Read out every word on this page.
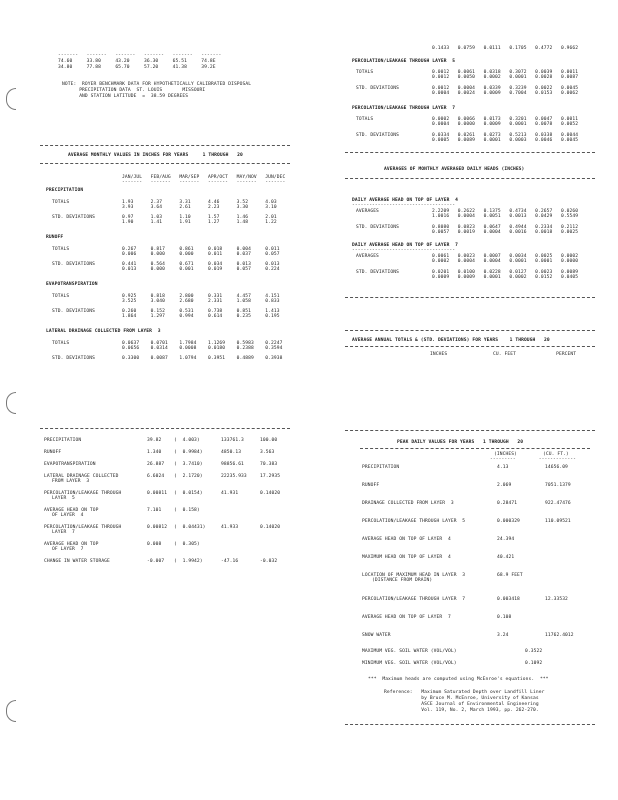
-------   -------   -------   -------   -------   -------
74.60     33.80     43.20     36.30     65.51     74.8E
34.80     77.88     65.70     57.20     41.38     39.2E
NOTE:  ROYER BENCHMARK DATA FOR HYPOTHETICALLY CALIBRATED DISPOSAL
PRECIPITATION DATA  ST. LOUIS       MISSOURI
AND STATION LATITUDE  =  38.59 DEGREES
AVERAGE MONTHLY VALUES IN INCHES FOR YEARS     1 THROUGH   20
JAN/JUL   FEB/AUG   MAR/SEP   APR/OCT   MAY/NOV   JUN/DEC
-------   -------   -------   -------   -------   -------
PRECIPITATION
TOTALS	1.93      2.37      3.31      4.46      3.52      4.03
3.93      3.64      2.61      2.23      3.30      3.10
STD. DEVIATIONS	0.97      1.03      1.10      1.57      1.46      2.01
1.90      1.41      1.91      1.27      1.48      1.22
RUNOFF
TOTALS	0.267     0.817     0.861     0.018     0.004     0.011
0.006     0.000     0.000     0.011     0.037     0.057
STD. DEVIATIONS	0.441     0.564     0.671     0.034     0.013     0.013
0.013     0.000     0.001     0.019     0.057     0.224
EVAPOTRANSPIRATION
TOTALS	0.925     0.818     2.800     0.331     4.457     4.151
3.525     3.040     2.680     2.331     1.058     0.833
STD. DEVIATIONS	0.260     0.152     0.531     0.738     0.851     1.413
1.864     1.297     0.994     0.614     0.235     0.195
LATERAL DRAINAGE COLLECTED FROM LAYER  3
TOTALS	0.0637    0.0701    1.7984    1.1269    0.5983    0.2247
0.0656    0.0314    0.0008    0.0180    0.2388    0.3594
STD. DEVIATIONS	0.3300    0.0087    1.0794    0.3951    0.4889    0.3938
PRECIPITATION	39.82	(  4.003)	133761.3	100.00
RUNOFF	1.340	(  0.9984)	4850.13	3.563
EVAPOTRANSPIRATION	26.887 (  3.7410)	98856.61	70.383
LATERAL DRAINAGE COLLECTED
FROM LAYER  3
6.6024 (  2.1720)	22235.933	17.2935
PERCOLATION/LEAKAGE THROUGH
LAYER  5
0.00811 (  0.0154)	41.931	0.14020
AVERAGE HEAD ON TOP
OF LAYER  4
7.101	(  0.158)
PERCOLATION/LEAKAGE THROUGH
LAYER  7
0.00812 (  0.04431)	41.933	0.14020
AVERAGE HEAD ON TOP
OF LAYER  7
0.008	(  0.305)
CHANGE IN WATER STORAGE	-0.007 (  1.9942)	-47.16	-0.032
0.1433   0.0759   0.0111   0.1705   0.4772   0.9662
PERCOLATION/LEAKAGE THROUGH LAYER  5
TOTALS	0.0012   0.0061   0.0318   0.3072   0.0039   0.0011
0.0012   0.0050   0.0002   0.0001   0.0028   0.0087
STD. DEVIATIONS	0.0012   0.0004   0.0339   0.3239   0.0022   0.0045
0.0004   0.0024   0.0009   0.7004   0.0153   0.0062
PERCOLATION/LEAKAGE THROUGH LAYER  7
TOTALS	0.0002   0.0066   0.0173   0.3201   0.0047   0.0011
0.0004   0.0000   0.0009   0.0001   0.0078   0.0052
STD. DEVIATIONS	0.0334   0.0261   0.0273   0.5213   0.0338   0.0044
0.0005   0.0089   0.0001   0.0003   0.0046   0.0045
AVERAGES OF MONTHLY AVERAGED DAILY HEADS (INCHES)
DAILY AVERAGE HEAD ON TOP OF LAYER  4
------------------------------------
AVERAGES	2.2209   0.2622   0.1375   0.4734   0.2657   0.0260
1.0016   0.0004   0.0051   0.0013   0.0429   0.5549
STD. DEVIATIONS	0.8080   0.0823   0.0647   0.4944   0.2334   0.2112
0.0057   0.0019   0.0004   0.0016   0.0018   0.0025
DAILY AVERAGE HEAD ON TOP OF LAYER  7
------------------------------------
AVERAGES	0.0061   0.0023   0.0007   0.0034   0.0025   0.0002
0.0002   0.0004   0.0004   0.0001   0.0001   0.0000
STD. DEVIATIONS	0.0201   0.0100   0.0228   0.0127   0.0023   0.0089
0.0009   0.0009   0.0001   0.0002   0.0152   0.0405
AVERAGE ANNUAL TOTALS & (STD. DEVIATIONS) FOR YEARS    1 THROUGH   20
INCHES                CU. FEET              PERCENT
PEAK DAILY VALUES FOR YEARS   1 THROUGH   20
(INCHES)	(CU. FT.)
---------        -------------
PRECIPITATION	4.13	14656.09
RUNOFF	2.069	7051.1379
DRAINAGE COLLECTED FROM LAYER  3	0.28471	922.47476
PERCOLATION/LEAKAGE THROUGH LAYER  5	0.000329	110.09521
AVERAGE HEAD ON TOP OF LAYER  4	24.394
MAXIMUM HEAD ON TOP OF LAYER  4	40.421
LOCATION OF MAXIMUM HEAD IN LAYER  3
(DISTANCE FROM DRAIN)
68.9 FEET
PERCOLATION/LEAKAGE THROUGH LAYER  7	0.003418	12.33532
AVERAGE HEAD ON TOP OF LAYER  7	0.108
SNOW WATER	3.24	11762.4012
MAXIMUM VEG. SOIL WATER (VOL/VOL)	0.3522
MINIMUM VEG. SOIL WATER (VOL/VOL)	0.1092
***  Maximum heads are computed using McEnroe's equations.  ***
Reference:   Maximum Saturated Depth over Landfill Liner
by Bruce M. McEnroe, University of Kansas
ASCE Journal of Environmental Engineering
Vol. 119, No. 2, March 1993, pp. 262-270.
